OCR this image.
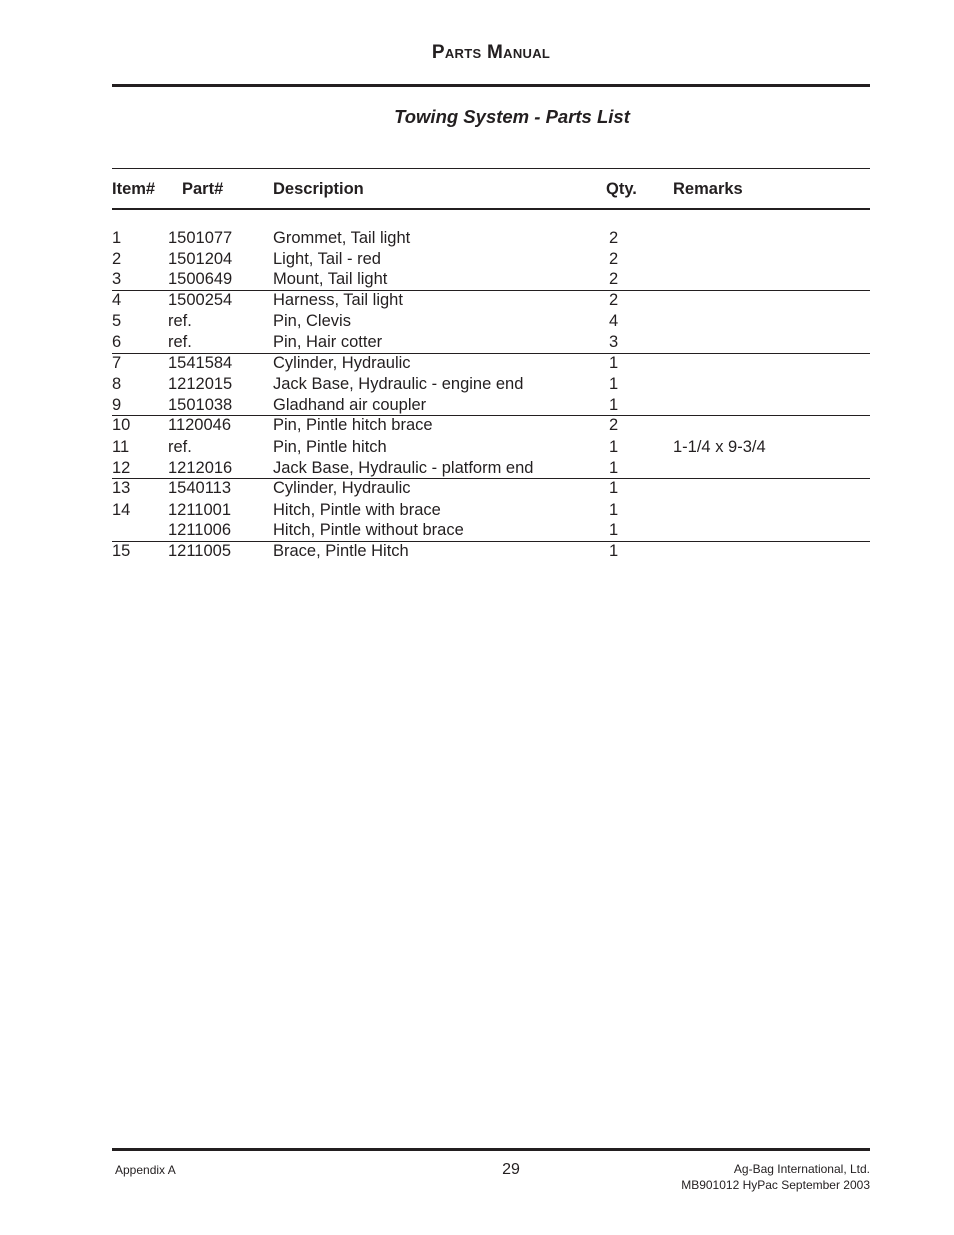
Parts Manual
Towing System - Parts List
Item# Part#	Description	Qty. Remarks
1	1501077 Grommet, Tail light	2
2	1501204 Light, Tail - red	2
3	1500649 Mount, Tail light	2
4	1500254 Harness, Tail light	2
5	ref.	Pin, Clevis	4
6	ref.	Pin, Hair cotter	3
7	1541584 Cylinder, Hydraulic	1
8	1212015 Jack Base, Hydraulic - engine end	1
9	1501038 Gladhand air coupler	1
10 1120046	Pin, Pintle hitch brace	2
11 ref.	Pin, Pintle hitch	1	1-1/4 x 9-3/4
12 1212016 Jack Base, Hydraulic - platform end	1
13 1540113	Cylinder, Hydraulic	1
14 1211001	Hitch, Pintle with brace	1
1211006	Hitch, Pintle without brace	1
15 1211005	Brace, Pintle Hitch	1
Appendix A	29	Ag-Bag International, Ltd.
MB901012 HyPac September 2003
